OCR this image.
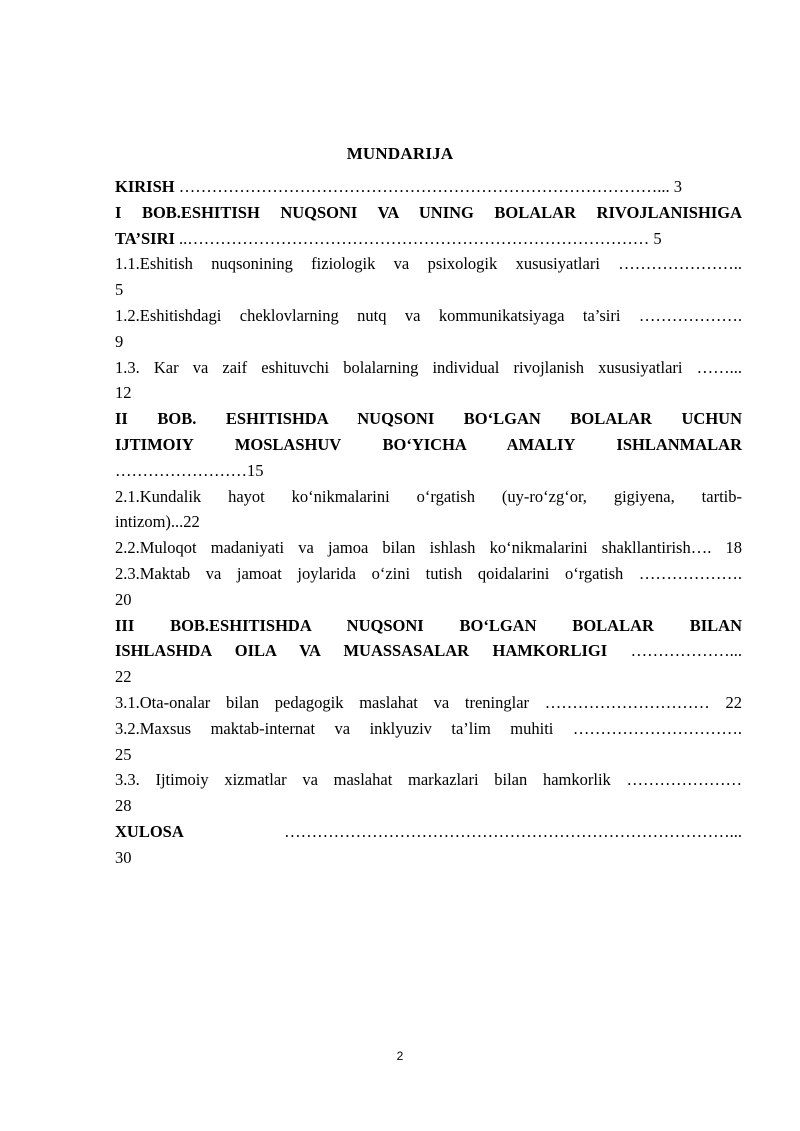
MUNDARIJA

KIRISH ……………………………………………………………………………... 3

I BOB.ESHITISH NUQSONI VA UNING BOLALAR RIVOJLANISHIGA

TA’SIRI ..………………………………………………………………………… 5

1.1.Eshitish nuqsonining fiziologik va psixologik xususiyatlari …………………..

5

1.2.Eshitishdagi cheklovlarning nutq va kommunikatsiyaga ta’siri ……………….

9

1.3. Kar va zaif eshituvchi bolalarning individual rivojlanish xususiyatlari ……...

12

II BOB. ESHITISHDA NUQSONI BO‘LGAN BOLALAR UCHUN

IJTIMOIY MOSLASHUV BO‘YICHA AMALIY ISHLANMALAR

……………………15

2.1.Kundalik hayot ko‘nikmalarini o‘rgatish (uy-ro‘zg‘or, gigiyena, tartib-

intizom)...22

2.2.Muloqot madaniyati va jamoa bilan ishlash ko‘nikmalarini shakllantirish…. 18

2.3.Maktab va jamoat joylarida o‘zini tutish qoidalarini o‘rgatish ……………….

20

III BOB.ESHITISHDA NUQSONI BO‘LGAN BOLALAR BILAN

ISHLASHDA OILA VA MUASSASALAR HAMKORLIGI ………………...

22

3.1.Ota-onalar bilan pedagogik maslahat va treninglar ………………………… 22

3.2.Maxsus maktab-internat va inklyuziv ta’lim muhiti ………………………….

25

3.3. Ijtimoiy xizmatlar va maslahat markazlari bilan hamkorlik …………………

28

XULOSA ………………………………………………………………………...

30

2
